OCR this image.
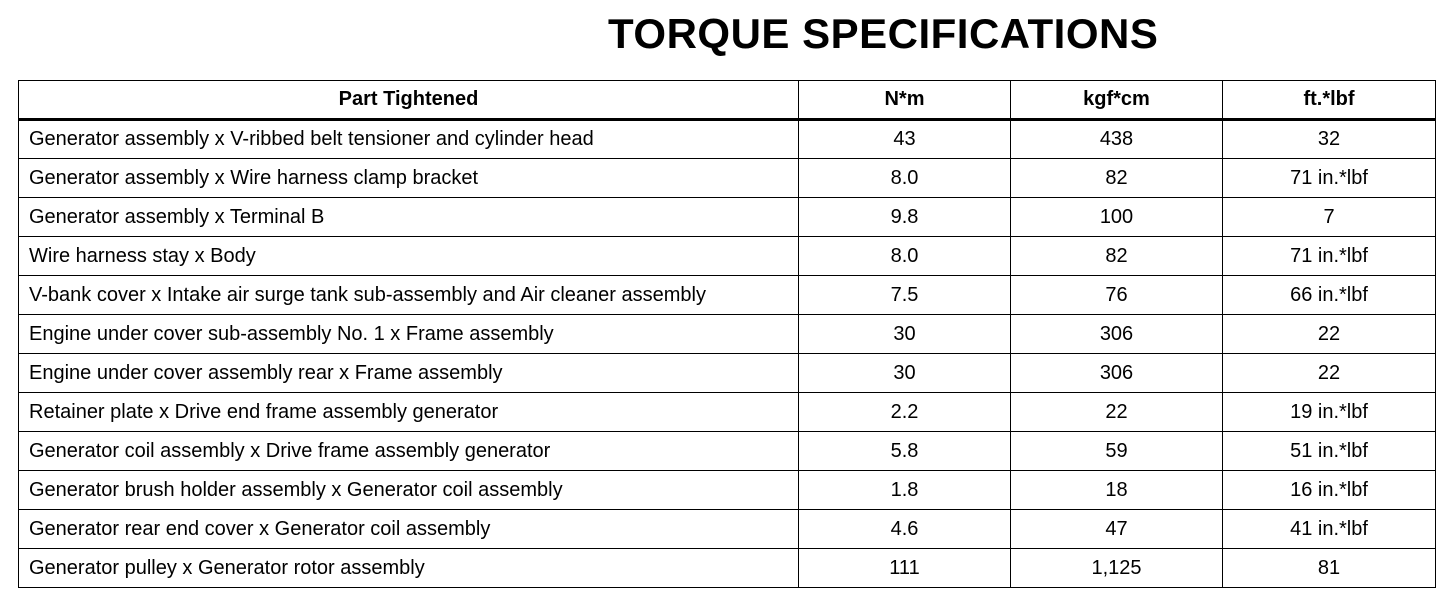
TORQUE SPECIFICATIONS
Part Tightened	N*m	kgf*cm	ft.*lbf
Generator assembly x V-ribbed belt tensioner and cylinder head	43	438	32
Generator assembly x Wire harness clamp bracket	8.0	82	71 in.*lbf
Generator assembly x Terminal B	9.8	100	7
Wire harness stay x Body	8.0	82	71 in.*lbf
V-bank cover x Intake air surge tank sub-assembly and Air cleaner assembly	7.5	76	66 in.*lbf
Engine under cover sub-assembly No. 1 x Frame assembly	30	306	22
Engine under cover assembly rear x Frame assembly	30	306	22
Retainer plate x Drive end frame assembly generator	2.2	22	19 in.*lbf
Generator coil assembly x Drive frame assembly generator	5.8	59	51 in.*lbf
Generator brush holder assembly x Generator coil assembly	1.8	18	16 in.*lbf
Generator rear end cover x Generator coil assembly	4.6	47	41 in.*lbf
Generator pulley x Generator rotor assembly	111	1,125	81
